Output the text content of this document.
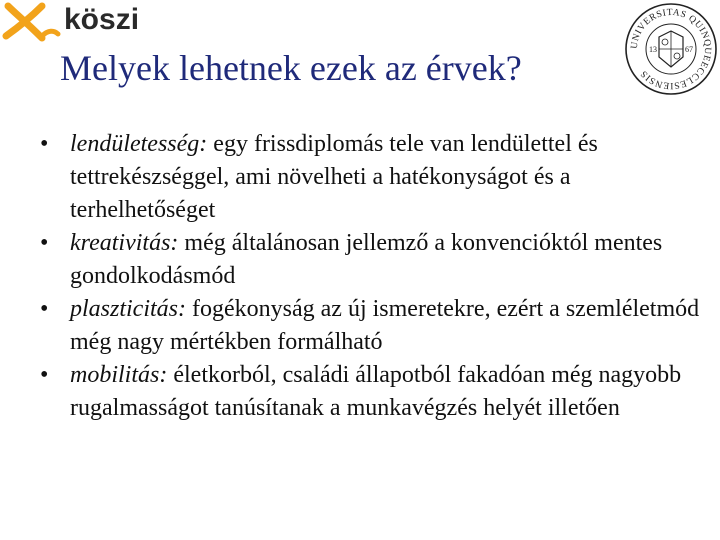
köszi
UNIVERSITAS QUINQUEECCLESIENSIS
13	67
Melyek lehetnek ezek az érvek?
• lendületesség: egy frissdiplomás tele van lendülettel és tettrekészséggel, ami növelheti a hatékonyságot és a terhelhetőséget
• kreativitás: még általánosan jellemző a konvencióktól mentes gondolkodásmód
• plaszticitás: fogékonyság az új ismeretekre, ezért a szemléletmód még nagy mértékben formálható
• mobilitás: életkorból, családi állapotból fakadóan még nagyobb rugalmasságot tanúsítanak a munkavégzés helyét illetően
